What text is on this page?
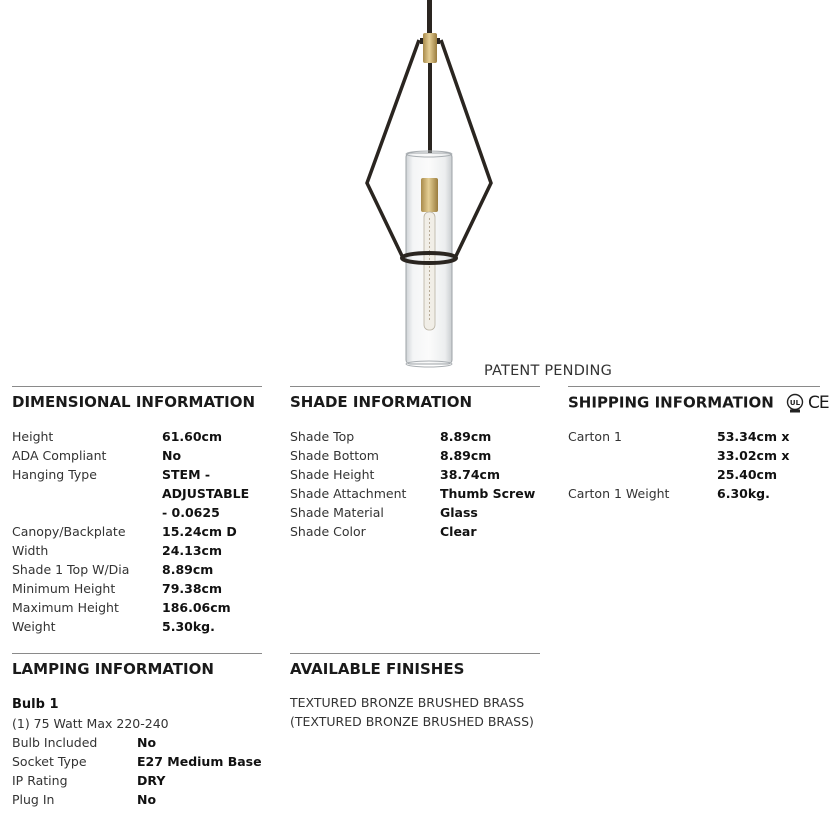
PATENT PENDING
DIMENSIONAL INFORMATION
Height	61.60cm
ADA Compliant	No
Hanging Type	STEM - ADJUSTABLE - 0.0625
Canopy/Backplate	15.24cm D
Width	24.13cm
Shade 1 Top W/Dia	8.89cm
Minimum Height	79.38cm
Maximum Height	186.06cm
Weight	5.30kg.
SHADE INFORMATION
Shade Top	8.89cm
Shade Bottom	8.89cm
Shade Height	38.74cm
Shade Attachment	Thumb Screw
Shade Material	Glass
Shade Color	Clear
SHIPPING INFORMATION UL CE
Carton 1	53.34cm x 33.02cm x 25.40cm
Carton 1 Weight	6.30kg.
LAMPING INFORMATION
Bulb 1
(1) 75 Watt Max 220-240
Bulb Included	No
Socket Type	E27 Medium Base
IP Rating	DRY
Plug In	No
AVAILABLE FINISHES
TEXTURED BRONZE BRUSHED BRASS
(TEXTURED BRONZE BRUSHED BRASS)
